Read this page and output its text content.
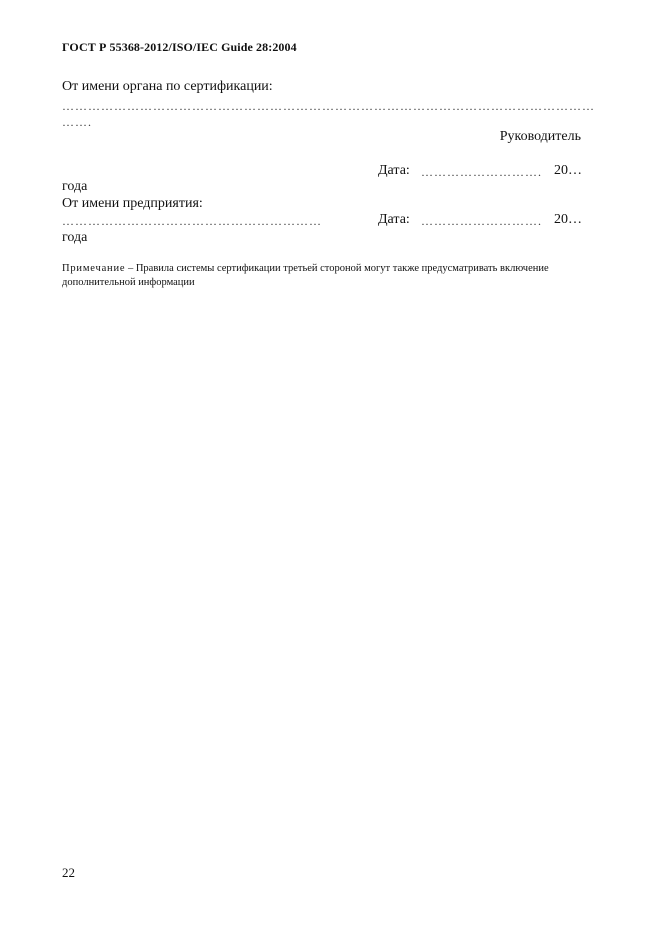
ГОСТ Р 55368-2012/ISO/IEC Guide 28:2004
От имени органа по сертификации:
……………………………………………………………………………………………………………
…….
Руководитель
Дата: ………………………. 20…
года
От имени предприятия:
……………………………………………………	Дата: ………………………. 20…
года
Примечание – Правила системы сертификации третьей стороной могут также предусматривать включение дополнительной информации
22
